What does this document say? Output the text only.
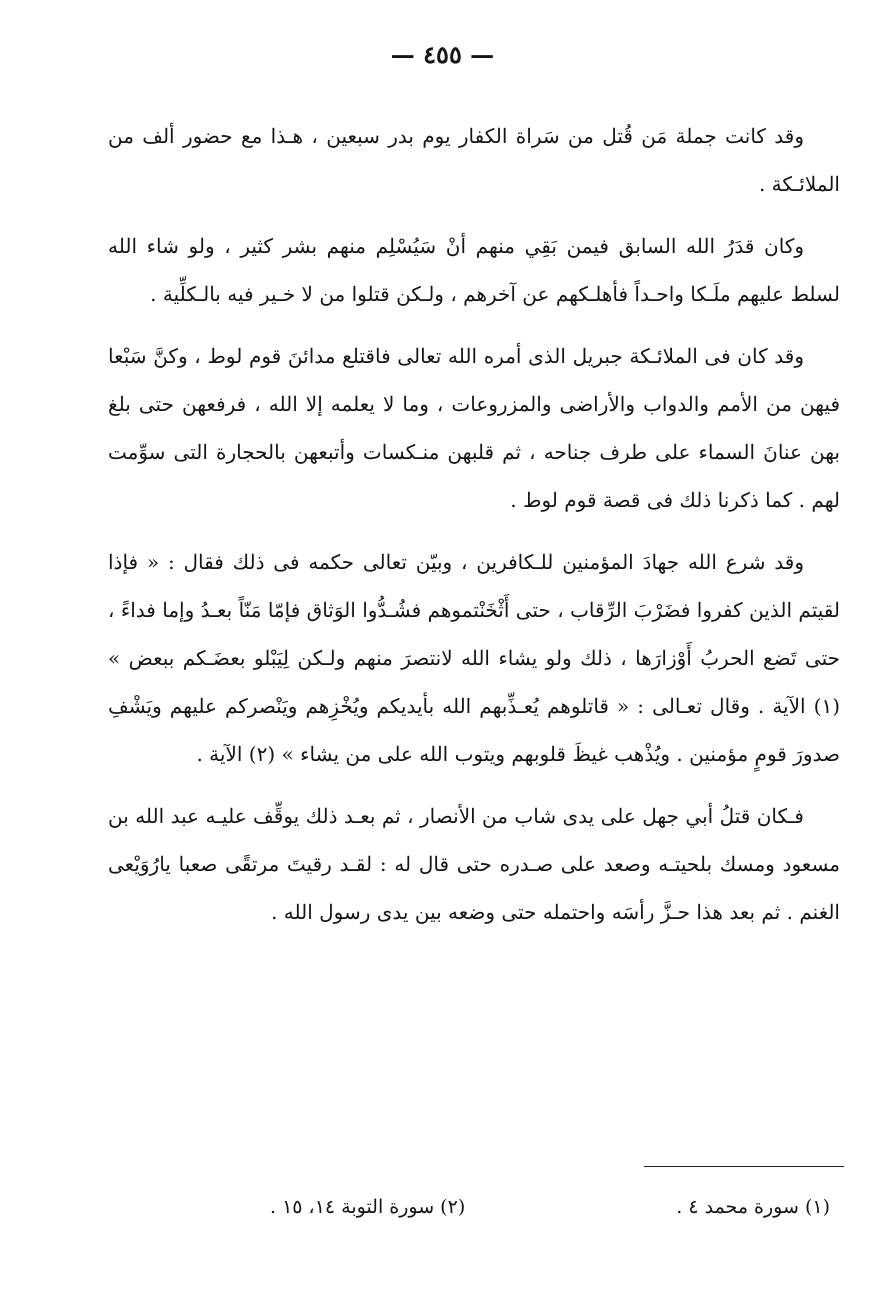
— ٤٥٥ —

وقد كانت جملة مَن قُتل من سَراة الكفار يوم بدر سبعين ، هـذا مع حضور ألف من الملائـكة .

وكان قدَرُ الله السابق فيمن بَقِي منهم أنْ سَيُسْلِم منهم بشر كثير ، ولو شاء الله لسلط عليهم ملَـكا واحـداً فأهلـكهم عن آخرهم ، ولـكن قتلوا من لا خـير فيه بالـكلِّية .

وقد كان فى الملائـكة جبريل الذى أمره الله تعالى فاقتلع مدائنَ قوم لوط ، وكنَّ سَبْعا فيهن من الأمم والدواب والأراضى والمزروعات ، وما لا يعلمه إلا الله ، فرفعهن حتى بلغ بهن عنانَ السماء على طرف جناحه ، ثم قلبهن منـكسات وأتبعهن بالحجارة التى سوِّمت لهم . كما ذكرنا ذلك فى قصة قوم لوط .

وقد شرع الله جهادَ المؤمنين للـكافرين ، وبيّن تعالى حكمه فى ذلك فقال : « فإذا لقيتم الذين كفروا فضَرْبَ الرِّقاب ، حتى أَثْخَنْتموهم فشُـدُّوا الوَثاق فإمّا مَنّاً بعـدُ وإما فداءً ، حتى تَضع الحربُ أَوْزارَها ، ذلك ولو يشاء الله لانتصرَ منهم ولـكن لِيَبْلو بعضَـكم ببعض » (١) الآية . وقال تعـالى : « قاتلوهم يُعـذِّبهم الله بأيديكم ويُخْزِهم ويَنْصركم عليهم ويَشْفِ صدورَ قومٍ مؤمنين . ويُذْهب غيظَ قلوبهم ويتوب الله على من يشاء » (٢) الآية .

فـكان قتلُ أبي جهل على يدى شاب من الأنصار ، ثم بعـد ذلك يوقِّف عليـه عبد الله بن مسعود ومسك بلحيتـه وصعد على صـدره حتى قال له : لقـد رقيتَ مرتقًى صعبا يارُوَيْعى الغنم . ثم بعد هذا حـزَّ رأسَه واحتمله حتى وضعه بين يدى رسول الله .

(١) سورة محمد ٤ .
(٢) سورة التوبة ١٤، ١٥ .
